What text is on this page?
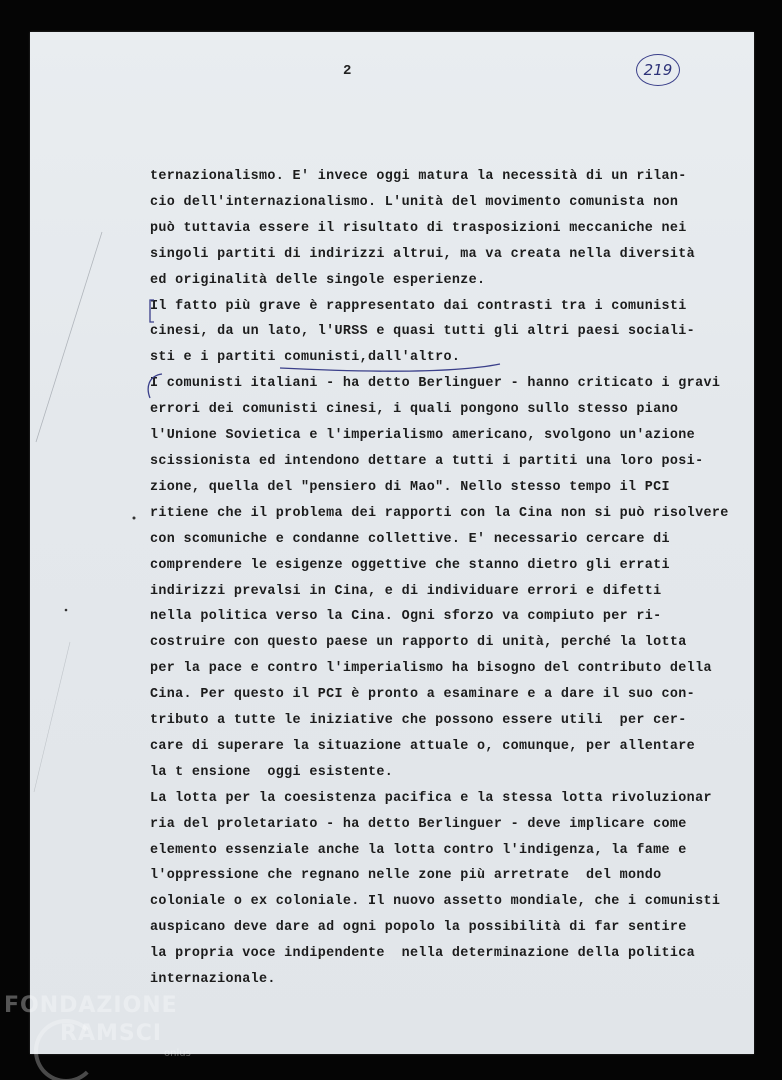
2	219
ternazionalismo. E' invece oggi matura la necessità di un rilan-
cio dell'internazionalismo. L'unità del movimento comunista non
può tuttavia essere il risultato di trasposizioni meccaniche nei
singoli partiti di indirizzi altrui, ma va creata nella diversità
ed originalità delle singole esperienze.
Il fatto più grave è rappresentato dai contrasti tra i comunisti
cinesi, da un lato, l'URSS e quasi tutti gli altri paesi sociali-
sti e i partiti comunisti,dall'altro.
I comunisti italiani - ha detto Berlinguer - hanno criticato i gravi
errori dei comunisti cinesi, i quali pongono sullo stesso piano
l'Unione Sovietica e l'imperialismo americano, svolgono un'azione
scissionista ed intendono dettare a tutti i partiti una loro posi-
zione, quella del "pensiero di Mao". Nello stesso tempo il PCI
ritiene che il problema dei rapporti con la Cina non si può risolvere
con scomuniche e condanne collettive. E' necessario cercare di
comprendere le esigenze oggettive che stanno dietro gli errati
indirizzi prevalsi in Cina, e di individuare errori e difetti
nella politica verso la Cina. Ogni sforzo va compiuto per ri-
costruire con questo paese un rapporto di unità, perché la lotta
per la pace e contro l'imperialismo ha bisogno del contributo della
Cina. Per questo il PCI è pronto a esaminare e a dare il suo con-
tributo a tutte le iniziative che possono essere utili  per cer-
care di superare la situazione attuale o, comunque, per allentare
la t ensione  oggi esistente.
La lotta per la coesistenza pacifica e la stessa lotta rivoluzionar
ria del proletariato - ha detto Berlinguer - deve implicare come
elemento essenziale anche la lotta contro l'indigenza, la fame e
l'oppressione che regnano nelle zone più arretrate  del mondo
coloniale o ex coloniale. Il nuovo assetto mondiale, che i comunisti
auspicano deve dare ad ogni popolo la possibilità di far sentire
la propria voce indipendente  nella determinazione della politica
internazionale.
FONDAZIONE
RAMSCI
onlus
